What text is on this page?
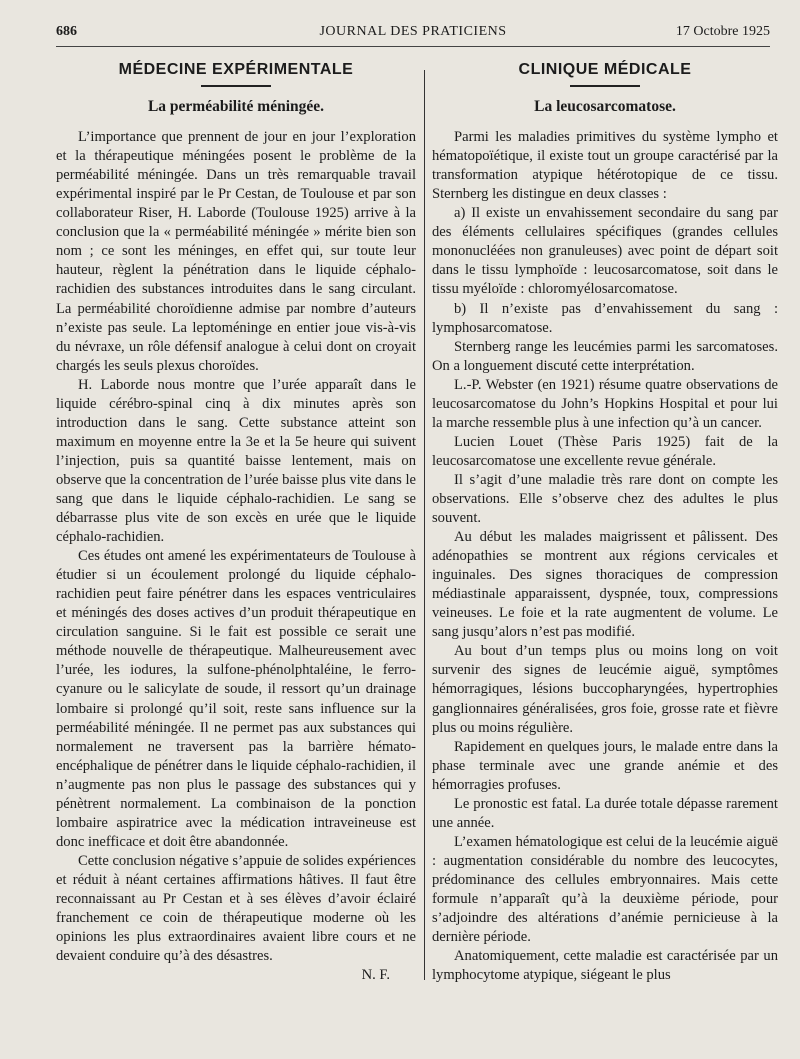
686	JOURNAL DES PRATICIENS	17 Octobre 1925
MÉDECINE EXPÉRIMENTALE
La perméabilité méningée.

L’importance que prennent de jour en jour l’exploration et la thérapeutique méningées posent le problème de la perméabilité méningée. Dans un très remarquable travail expérimental inspiré par le Pr Cestan, de Toulouse et par son collaborateur Riser, H. Laborde (Toulouse 1925) arrive à la conclusion que la « perméabilité méningée » mérite bien son nom ; ce sont les méninges, en effet qui, sur toute leur hauteur, règlent la pénétration dans le liquide céphalo-rachidien des substances introduites dans le sang circulant. La perméabilité choroïdienne admise par nombre d’auteurs n’existe pas seule. La leptoméninge en entier joue vis-à-vis du névraxe, un rôle défensif analogue à celui dont on croyait chargés les seuls plexus choroïdes.

H. Laborde nous montre que l’urée apparaît dans le liquide cérébro-spinal cinq à dix minutes après son introduction dans le sang. Cette substance atteint son maximum en moyenne entre la 3e et la 5e heure qui suivent l’injection, puis sa quantité baisse lentement, mais on observe que la concentration de l’urée baisse plus vite dans le sang que dans le liquide céphalo-rachidien. Le sang se débarrasse plus vite de son excès en urée que le liquide céphalo-rachidien.

Ces études ont amené les expérimentateurs de Toulouse à étudier si un écoulement prolongé du liquide céphalo-rachidien peut faire pénétrer dans les espaces ventriculaires et méningés des doses actives d’un produit thérapeutique en circulation sanguine. Si le fait est possible ce serait une méthode nouvelle de thérapeutique. Malheureusement avec l’urée, les iodures, la sulfone-phénolphtaléine, le ferro-cyanure ou le salicylate de soude, il ressort qu’un drainage lombaire si prolongé qu’il soit, reste sans influence sur la perméabilité méningée. Il ne permet pas aux substances qui normalement ne traversent pas la barrière hémato-encéphalique de pénétrer dans le liquide céphalo-rachidien, il n’augmente pas non plus le passage des substances qui y pénètrent normalement. La combinaison de la ponction lombaire aspiratrice avec la médication intraveineuse est donc inefficace et doit être abandonnée.

Cette conclusion négative s’appuie de solides expériences et réduit à néant certaines affirmations hâtives. Il faut être reconnaissant au Pr Cestan et à ses élèves d’avoir éclairé franchement ce coin de thérapeutique moderne où les opinions les plus extraordinaires avaient libre cours et ne devaient conduire qu’à des désastres.

N. F.

CLINIQUE MÉDICALE
La leucosarcomatose.

Parmi les maladies primitives du système lympho et hématopoïétique, il existe tout un groupe caractérisé par la transformation atypique hétérotopique de ce tissu. Sternberg les distingue en deux classes :

a) Il existe un envahissement secondaire du sang par des éléments cellulaires spécifiques (grandes cellules mononucléées non granuleuses) avec point de départ soit dans le tissu lymphoïde : leucosarcomatose, soit dans le tissu myéloïde : chloromyélosarcomatose.

b) Il n’existe pas d’envahissement du sang : lymphosarcomatose.

Sternberg range les leucémies parmi les sarcomatoses. On a longuement discuté cette interprétation.

L.-P. Webster (en 1921) résume quatre observations de leucosarcomatose du John’s Hopkins Hospital et pour lui la marche ressemble plus à une infection qu’à un cancer.

Lucien Louet (Thèse Paris 1925) fait de la leucosarcomatose une excellente revue générale.

Il s’agit d’une maladie très rare dont on compte les observations. Elle s’observe chez des adultes le plus souvent.

Au début les malades maigrissent et pâlissent. Des adénopathies se montrent aux régions cervicales et inguinales. Des signes thoraciques de compression médiastinale apparaissent, dyspnée, toux, compressions veineuses. Le foie et la rate augmentent de volume. Le sang jusqu’alors n’est pas modifié.

Au bout d’un temps plus ou moins long on voit survenir des signes de leucémie aiguë, symptômes hémorragiques, lésions buccopharyngées, hypertrophies ganglionnaires généralisées, gros foie, grosse rate et fièvre plus ou moins régulière.

Rapidement en quelques jours, le malade entre dans la phase terminale avec une grande anémie et des hémorragies profuses.

Le pronostic est fatal. La durée totale dépasse rarement une année.

L’examen hématologique est celui de la leucémie aiguë : augmentation considérable du nombre des leucocytes, prédominance des cellules embryonnaires. Mais cette formule n’apparaît qu’à la deuxième période, pour s’adjoindre des altérations d’anémie pernicieuse à la dernière période.

Anatomiquement, cette maladie est caractérisée par un lymphocytome atypique, siégeant le plus
